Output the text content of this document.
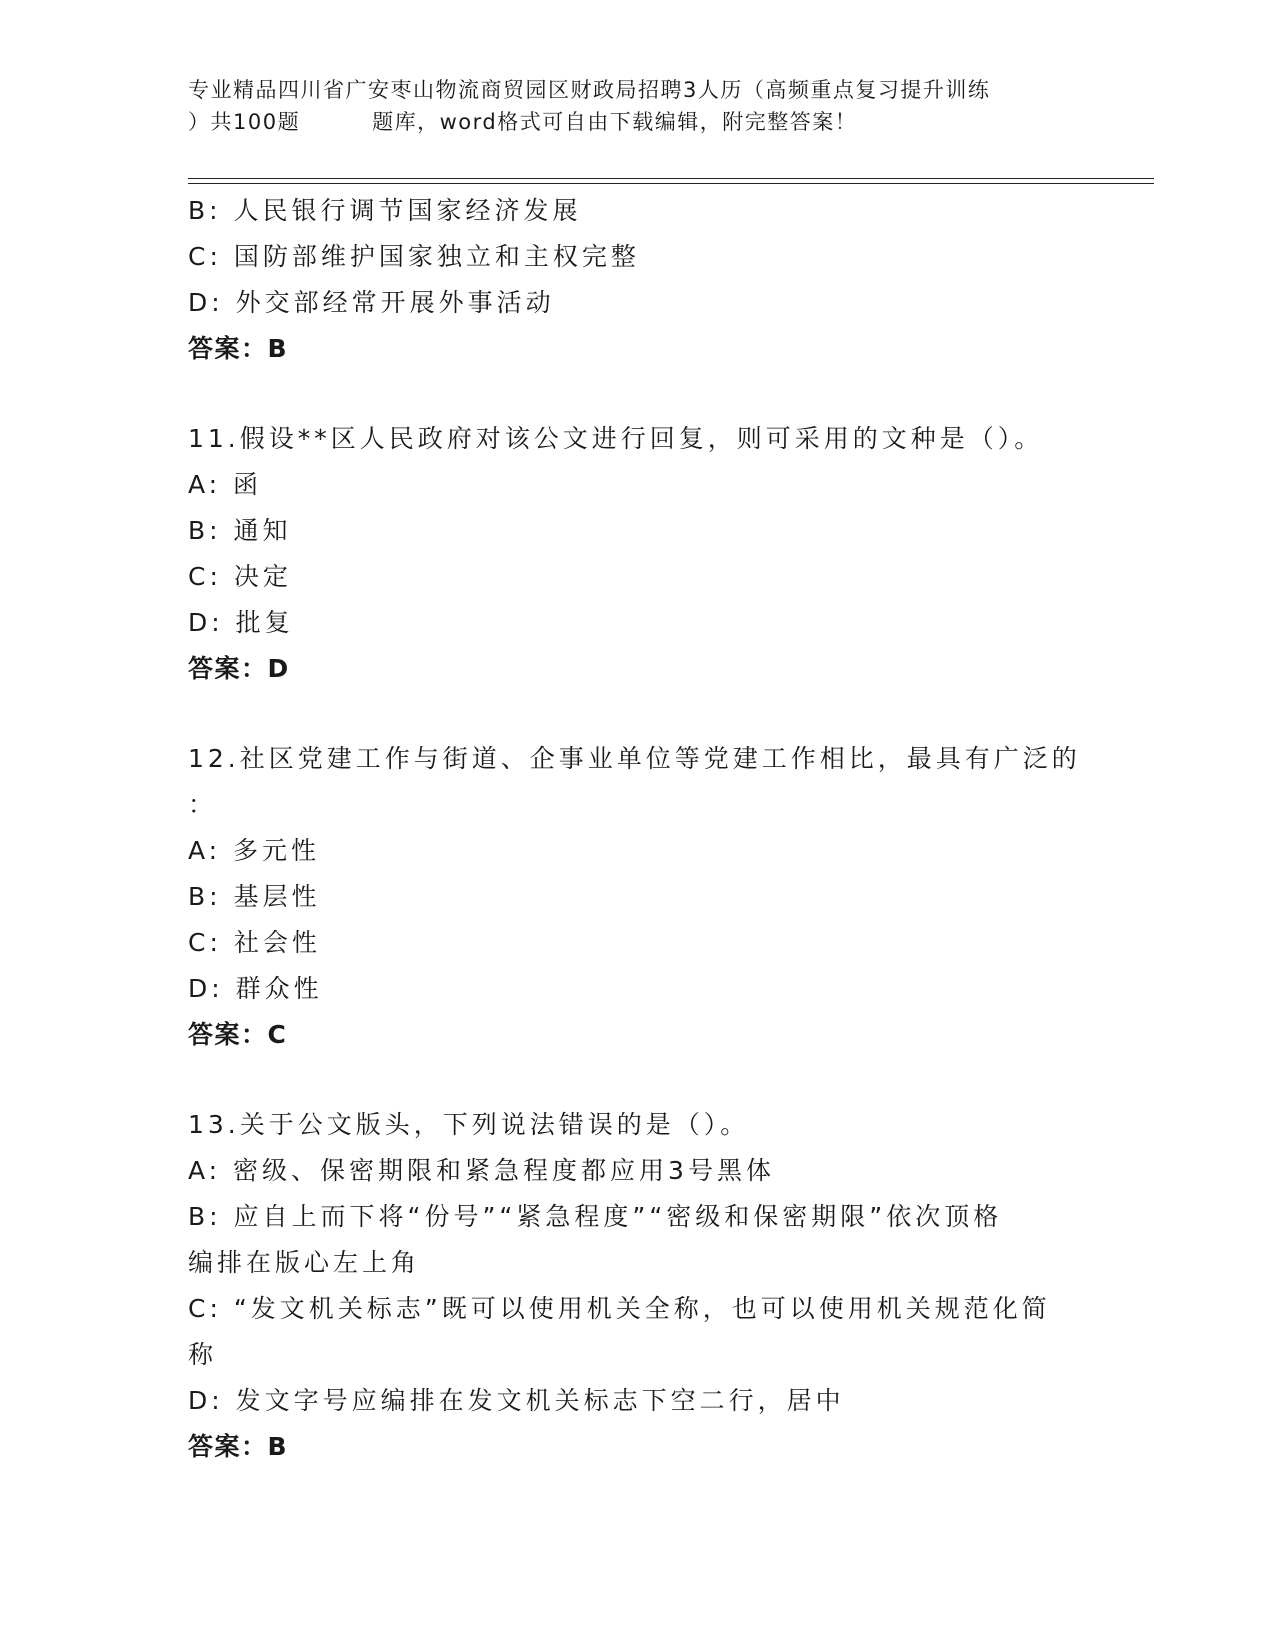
专业精品四川省广安枣山物流商贸园区财政局招聘3人历（高频重点复习提升训练
）共100题	题库，word格式可自由下载编辑，附完整答案！
B: 人民银行调节国家经济发展
C: 国防部维护国家独立和主权完整
D: 外交部经常开展外事活动
答案：B
11.假设**区人民政府对该公文进行回复，则可采用的文种是（）。
A: 函
B: 通知
C: 决定
D: 批复
答案：D
12.社区党建工作与街道、企事业单位等党建工作相比，最具有广泛的
：
A: 多元性
B: 基层性
C: 社会性
D: 群众性
答案：C
13.关于公文版头，下列说法错误的是（）。
A: 密级、保密期限和紧急程度都应用3号黑体
B: 应自上而下将“份号”“紧急程度”“密级和保密期限”依次顶格
编排在版心左上角
C: “发文机关标志”既可以使用机关全称，也可以使用机关规范化简
称
D: 发文字号应编排在发文机关标志下空二行，居中
答案：B
